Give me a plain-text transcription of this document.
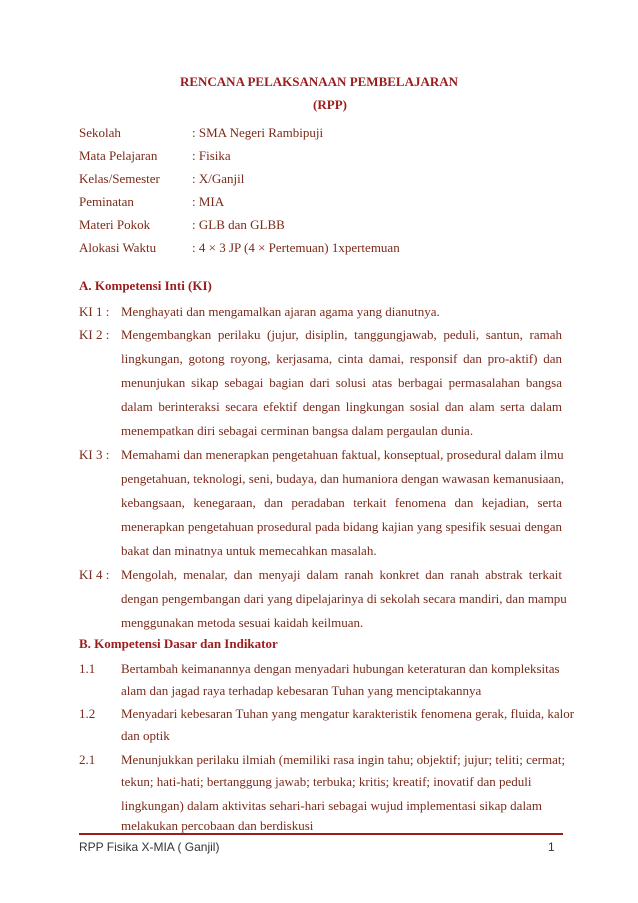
RENCANA PELAKSANAAN PEMBELAJARAN
(RPP)
Sekolah	: SMA Negeri Rambipuji
Mata Pelajaran	: Fisika
Kelas/Semester : X/Ganjil
Peminatan	: MIA
Materi Pokok	: GLB dan GLBB
Alokasi Waktu	: 4 × 3 JP (4 × Pertemuan) 1xpertemuan
A. Kompetensi Inti (KI)
KI 1 : Menghayati dan mengamalkan ajaran agama yang dianutnya.
KI 2 : Mengembangkan perilaku (jujur, disiplin, tanggungjawab, peduli, santun, ramah
lingkungan, gotong royong, kerjasama, cinta damai, responsif dan pro-aktif) dan
menunjukan sikap sebagai bagian dari solusi atas berbagai permasalahan bangsa
dalam berinteraksi secara efektif dengan lingkungan sosial dan alam serta dalam
menempatkan diri sebagai cerminan bangsa dalam pergaulan dunia.
KI 3 : Memahami dan menerapkan pengetahuan faktual, konseptual, prosedural dalam ilmu
pengetahuan, teknologi, seni, budaya, dan humaniora dengan wawasan kemanusiaan,
kebangsaan, kenegaraan, dan peradaban terkait fenomena dan kejadian, serta
menerapkan pengetahuan prosedural pada bidang kajian yang spesifik sesuai dengan
bakat dan minatnya untuk memecahkan masalah.
KI 4 : Mengolah, menalar, dan menyaji dalam ranah konkret dan ranah abstrak terkait
dengan pengembangan dari yang dipelajarinya di sekolah secara mandiri, dan mampu
menggunakan metoda sesuai kaidah keilmuan.
B. Kompetensi Dasar dan Indikator
1.1 Bertambah keimanannya dengan menyadari hubungan keteraturan dan kompleksitas
alam dan jagad raya terhadap kebesaran Tuhan yang menciptakannya
1.2 Menyadari kebesaran Tuhan yang mengatur karakteristik fenomena gerak, fluida, kalor
dan optik
2.1 Menunjukkan perilaku ilmiah (memiliki rasa ingin tahu; objektif; jujur; teliti; cermat;
tekun; hati-hati; bertanggung jawab; terbuka; kritis; kreatif; inovatif dan peduli
RPP Fisika X-MIA ( Ganjil)	1
lingkungan) dalam aktivitas sehari-hari sebagai wujud implementasi sikap dalam
melakukan percobaan dan berdiskusi
